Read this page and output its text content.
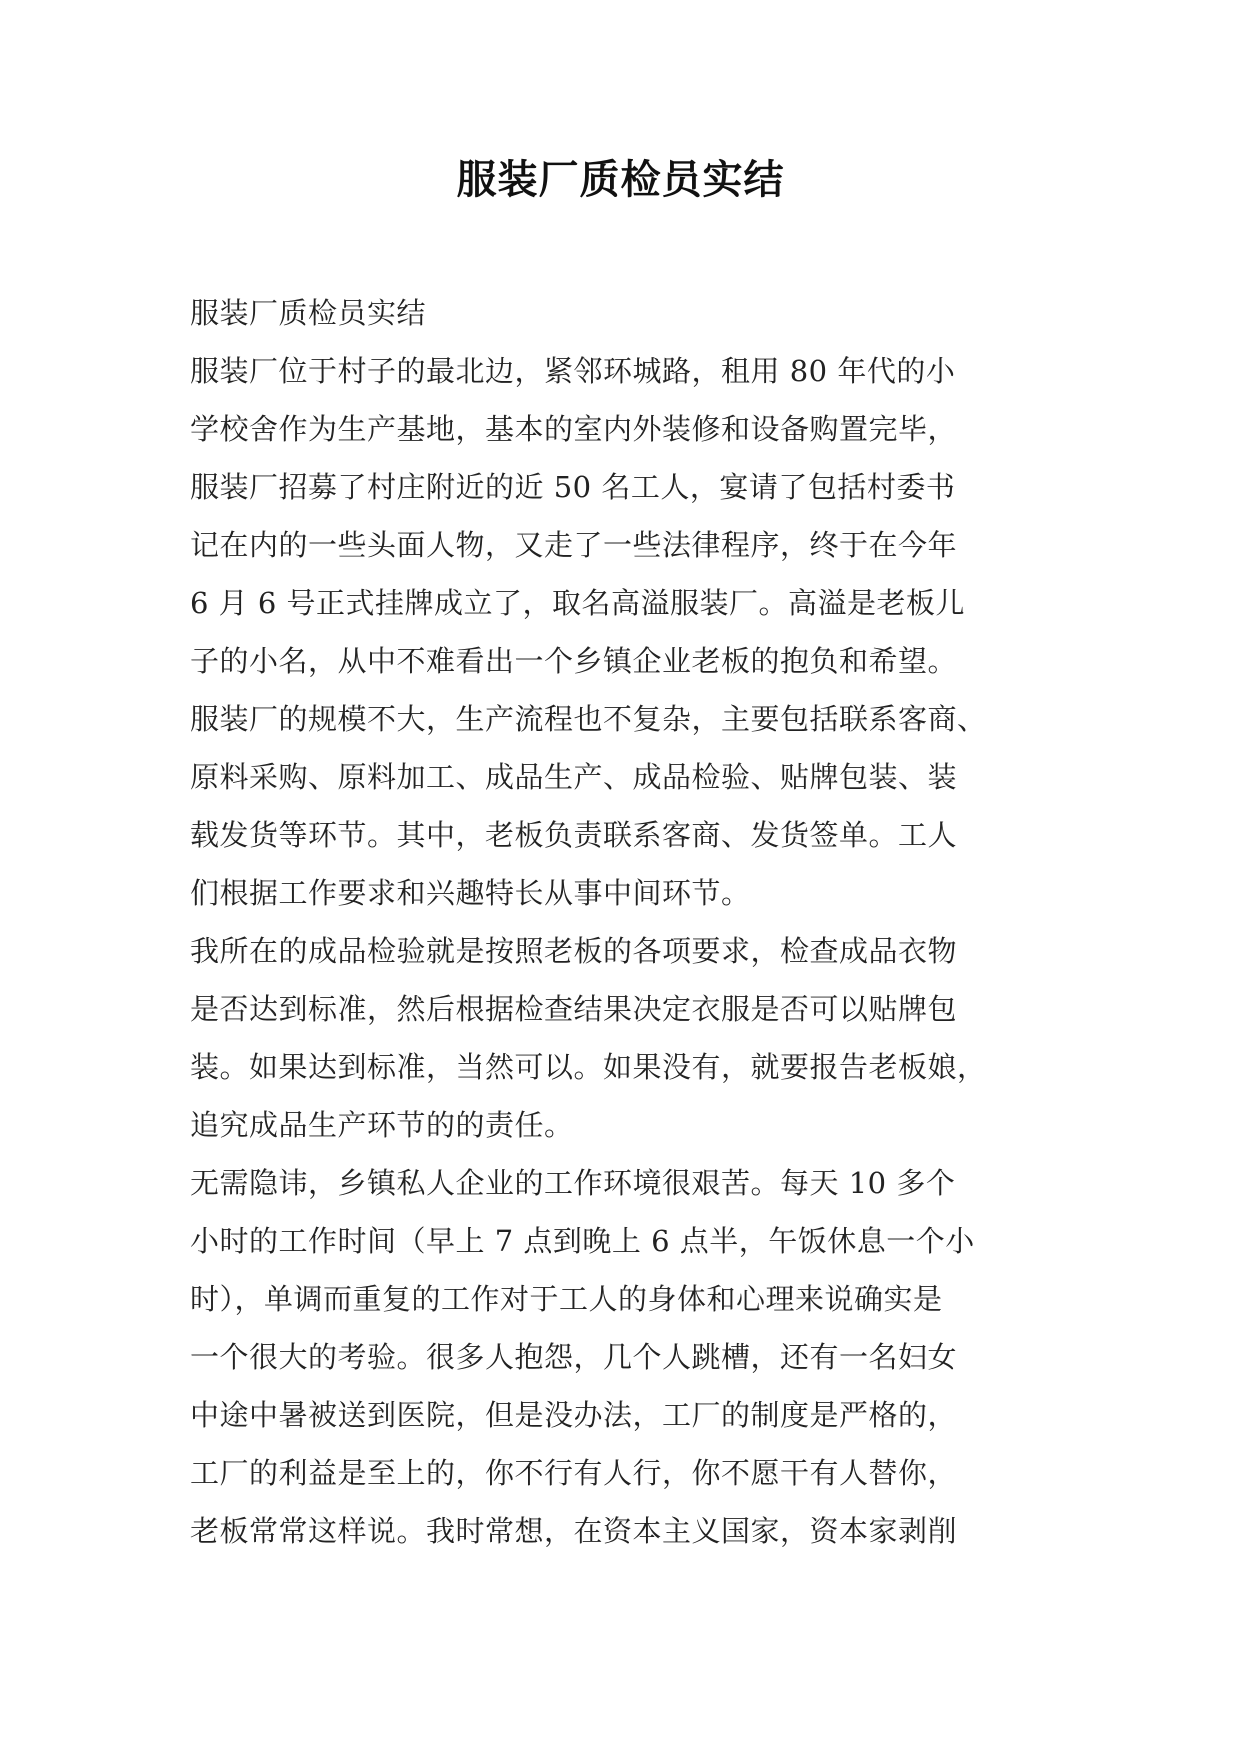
服装厂质检员实结
服装厂质检员实结
服装厂位于村子的最北边，紧邻环城路，租用 80 年代的小
学校舍作为生产基地，基本的室内外装修和设备购置完毕，
服装厂招募了村庄附近的近 50 名工人，宴请了包括村委书
记在内的一些头面人物，又走了一些法律程序，终于在今年
6 月 6 号正式挂牌成立了，取名高溢服装厂。高溢是老板儿
子的小名，从中不难看出一个乡镇企业老板的抱负和希望。
服装厂的规模不大，生产流程也不复杂，主要包括联系客商、
原料采购、原料加工、成品生产、成品检验、贴牌包装、装
载发货等环节。其中，老板负责联系客商、发货签单。工人
们根据工作要求和兴趣特长从事中间环节。
我所在的成品检验就是按照老板的各项要求，检查成品衣物
是否达到标准，然后根据检查结果决定衣服是否可以贴牌包
装。如果达到标准，当然可以。如果没有，就要报告老板娘，
追究成品生产环节的的责任。
无需隐讳，乡镇私人企业的工作环境很艰苦。每天 10 多个
小时的工作时间（早上 7 点到晚上 6 点半，午饭休息一个小
时），单调而重复的工作对于工人的身体和心理来说确实是
一个很大的考验。很多人抱怨，几个人跳槽，还有一名妇女
中途中暑被送到医院，但是没办法，工厂的制度是严格的，
工厂的利益是至上的，你不行有人行，你不愿干有人替你，
老板常常这样说。我时常想，在资本主义国家，资本家剥削
